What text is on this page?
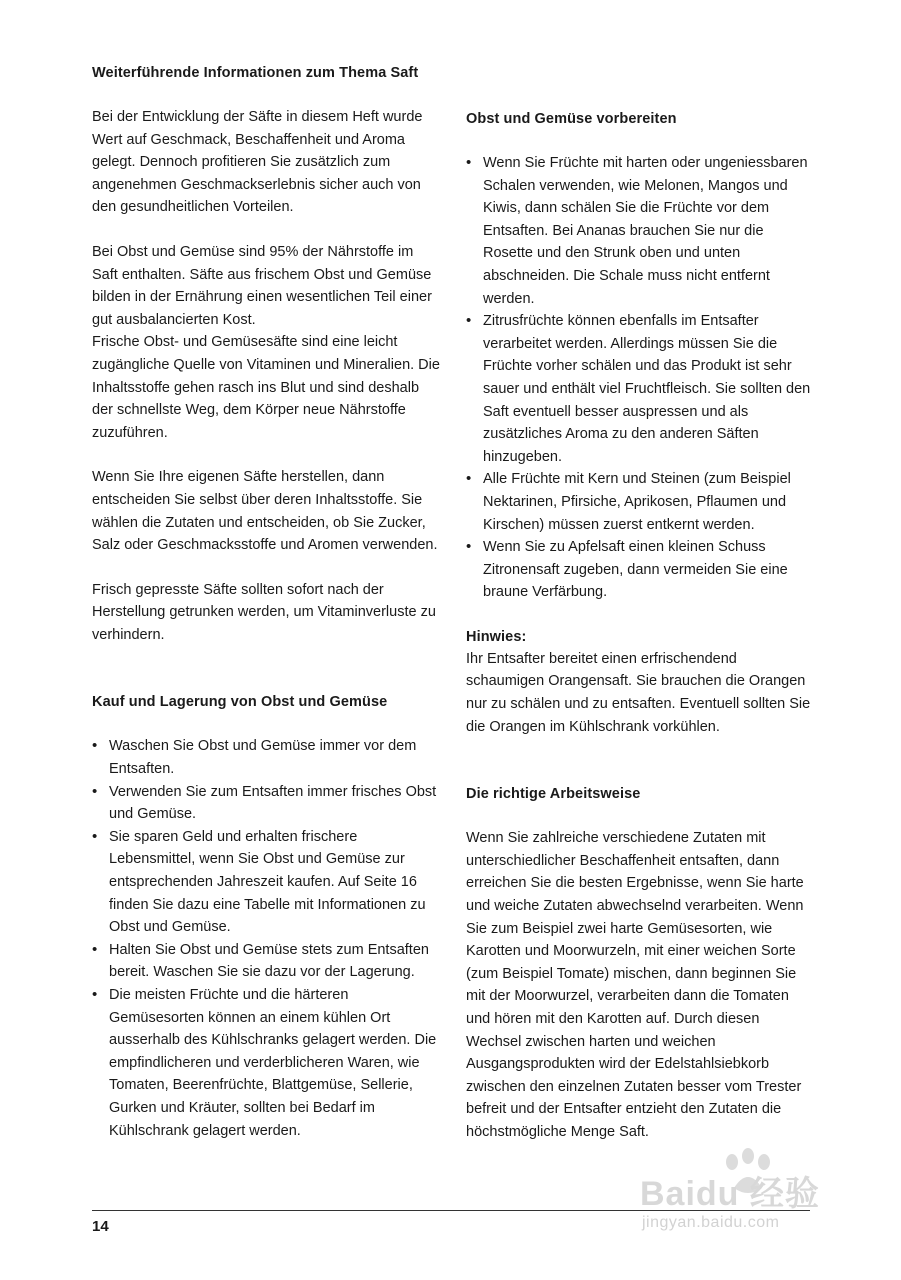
Weiterführende Informationen zum Thema Saft

Bei der Entwicklung der Säfte in diesem Heft wurde Wert auf Geschmack, Beschaffenheit und Aroma gelegt. Dennoch profitieren Sie zusätzlich zum angenehmen Geschmackserlebnis sicher auch von den gesundheitlichen Vorteilen.

Bei Obst und Gemüse sind 95% der Nährstoffe im Saft enthalten. Säfte aus frischem Obst und Gemüse bilden in der Ernährung einen wesentlichen Teil einer gut ausbalancierten Kost.

Frische Obst- und Gemüsesäfte sind eine leicht zugängliche Quelle von Vitaminen und Mineralien. Die Inhaltsstoffe gehen rasch ins Blut und sind deshalb der schnellste Weg, dem Körper neue Nährstoffe zuzuführen.

Wenn Sie Ihre eigenen Säfte herstellen, dann entscheiden Sie selbst über deren Inhaltsstoffe. Sie wählen die Zutaten und entscheiden, ob Sie Zucker, Salz oder Geschmacksstoffe und Aromen verwenden.

Frisch gepresste Säfte sollten sofort nach der Herstellung getrunken werden, um Vitaminverluste zu verhindern.

Kauf und Lagerung von Obst und Gemüse

• Waschen Sie Obst und Gemüse immer vor dem Entsaften.
• Verwenden Sie zum Entsaften immer frisches Obst und Gemüse.
• Sie sparen Geld und erhalten frischere Lebensmittel, wenn Sie Obst und Gemüse zur entsprechenden Jahreszeit kaufen. Auf Seite 16 finden Sie dazu eine Tabelle mit Informationen zu Obst und Gemüse.
• Halten Sie Obst und Gemüse stets zum Entsaften bereit. Waschen Sie sie dazu vor der Lagerung.
• Die meisten Früchte und die härteren Gemüsesorten können an einem kühlen Ort ausserhalb des Kühlschranks gelagert werden. Die empfindlicheren und verderblicheren Waren, wie Tomaten, Beerenfrüchte, Blattgemüse, Sellerie, Gurken und Kräuter, sollten bei Bedarf im Kühlschrank gelagert werden.

Obst und Gemüse vorbereiten

• Wenn Sie Früchte mit harten oder ungeniessbaren Schalen verwenden, wie Melonen, Mangos und Kiwis, dann schälen Sie die Früchte vor dem Entsaften. Bei Ananas brauchen Sie nur die Rosette und den Strunk oben und unten abschneiden. Die Schale muss nicht entfernt werden.
• Zitrusfrüchte können ebenfalls im Entsafter verarbeitet werden. Allerdings müssen Sie die Früchte vorher schälen und das Produkt ist sehr sauer und enthält viel Fruchtfleisch. Sie sollten den Saft eventuell besser auspressen und als zusätzliches Aroma zu den anderen Säften hinzugeben.
• Alle Früchte mit Kern und Steinen (zum Beispiel Nektarinen, Pfirsiche, Aprikosen, Pflaumen und Kirschen) müssen zuerst entkernt werden.
• Wenn Sie zu Apfelsaft einen kleinen Schuss Zitronensaft zugeben, dann vermeiden Sie eine braune Verfärbung.

Hinwies:

Ihr Entsafter bereitet einen erfrischendend schaumigen Orangensaft. Sie brauchen die Orangen nur zu schälen und zu entsaften. Eventuell sollten Sie die Orangen im Kühlschrank vorkühlen.

Die richtige Arbeitsweise

Wenn Sie zahlreiche verschiedene Zutaten mit unterschiedlicher Beschaffenheit entsaften, dann erreichen Sie die besten Ergebnisse, wenn Sie harte und weiche Zutaten abwechselnd verarbeiten. Wenn Sie zum Beispiel zwei harte Gemüsesorten, wie Karotten und Moorwurzeln, mit einer weichen Sorte (zum Beispiel Tomate) mischen, dann beginnen Sie mit der Moorwurzel, verarbeiten dann die Tomaten und hören mit den Karotten auf. Durch diesen Wechsel zwischen harten und weichen Ausgangsprodukten wird der Edelstahlsiebkorb zwischen den einzelnen Zutaten besser vom Trester befreit und der Entsafter entzieht den Zutaten die höchstmögliche Menge Saft.

14
Baidu 经验
jingyan.baidu.com
